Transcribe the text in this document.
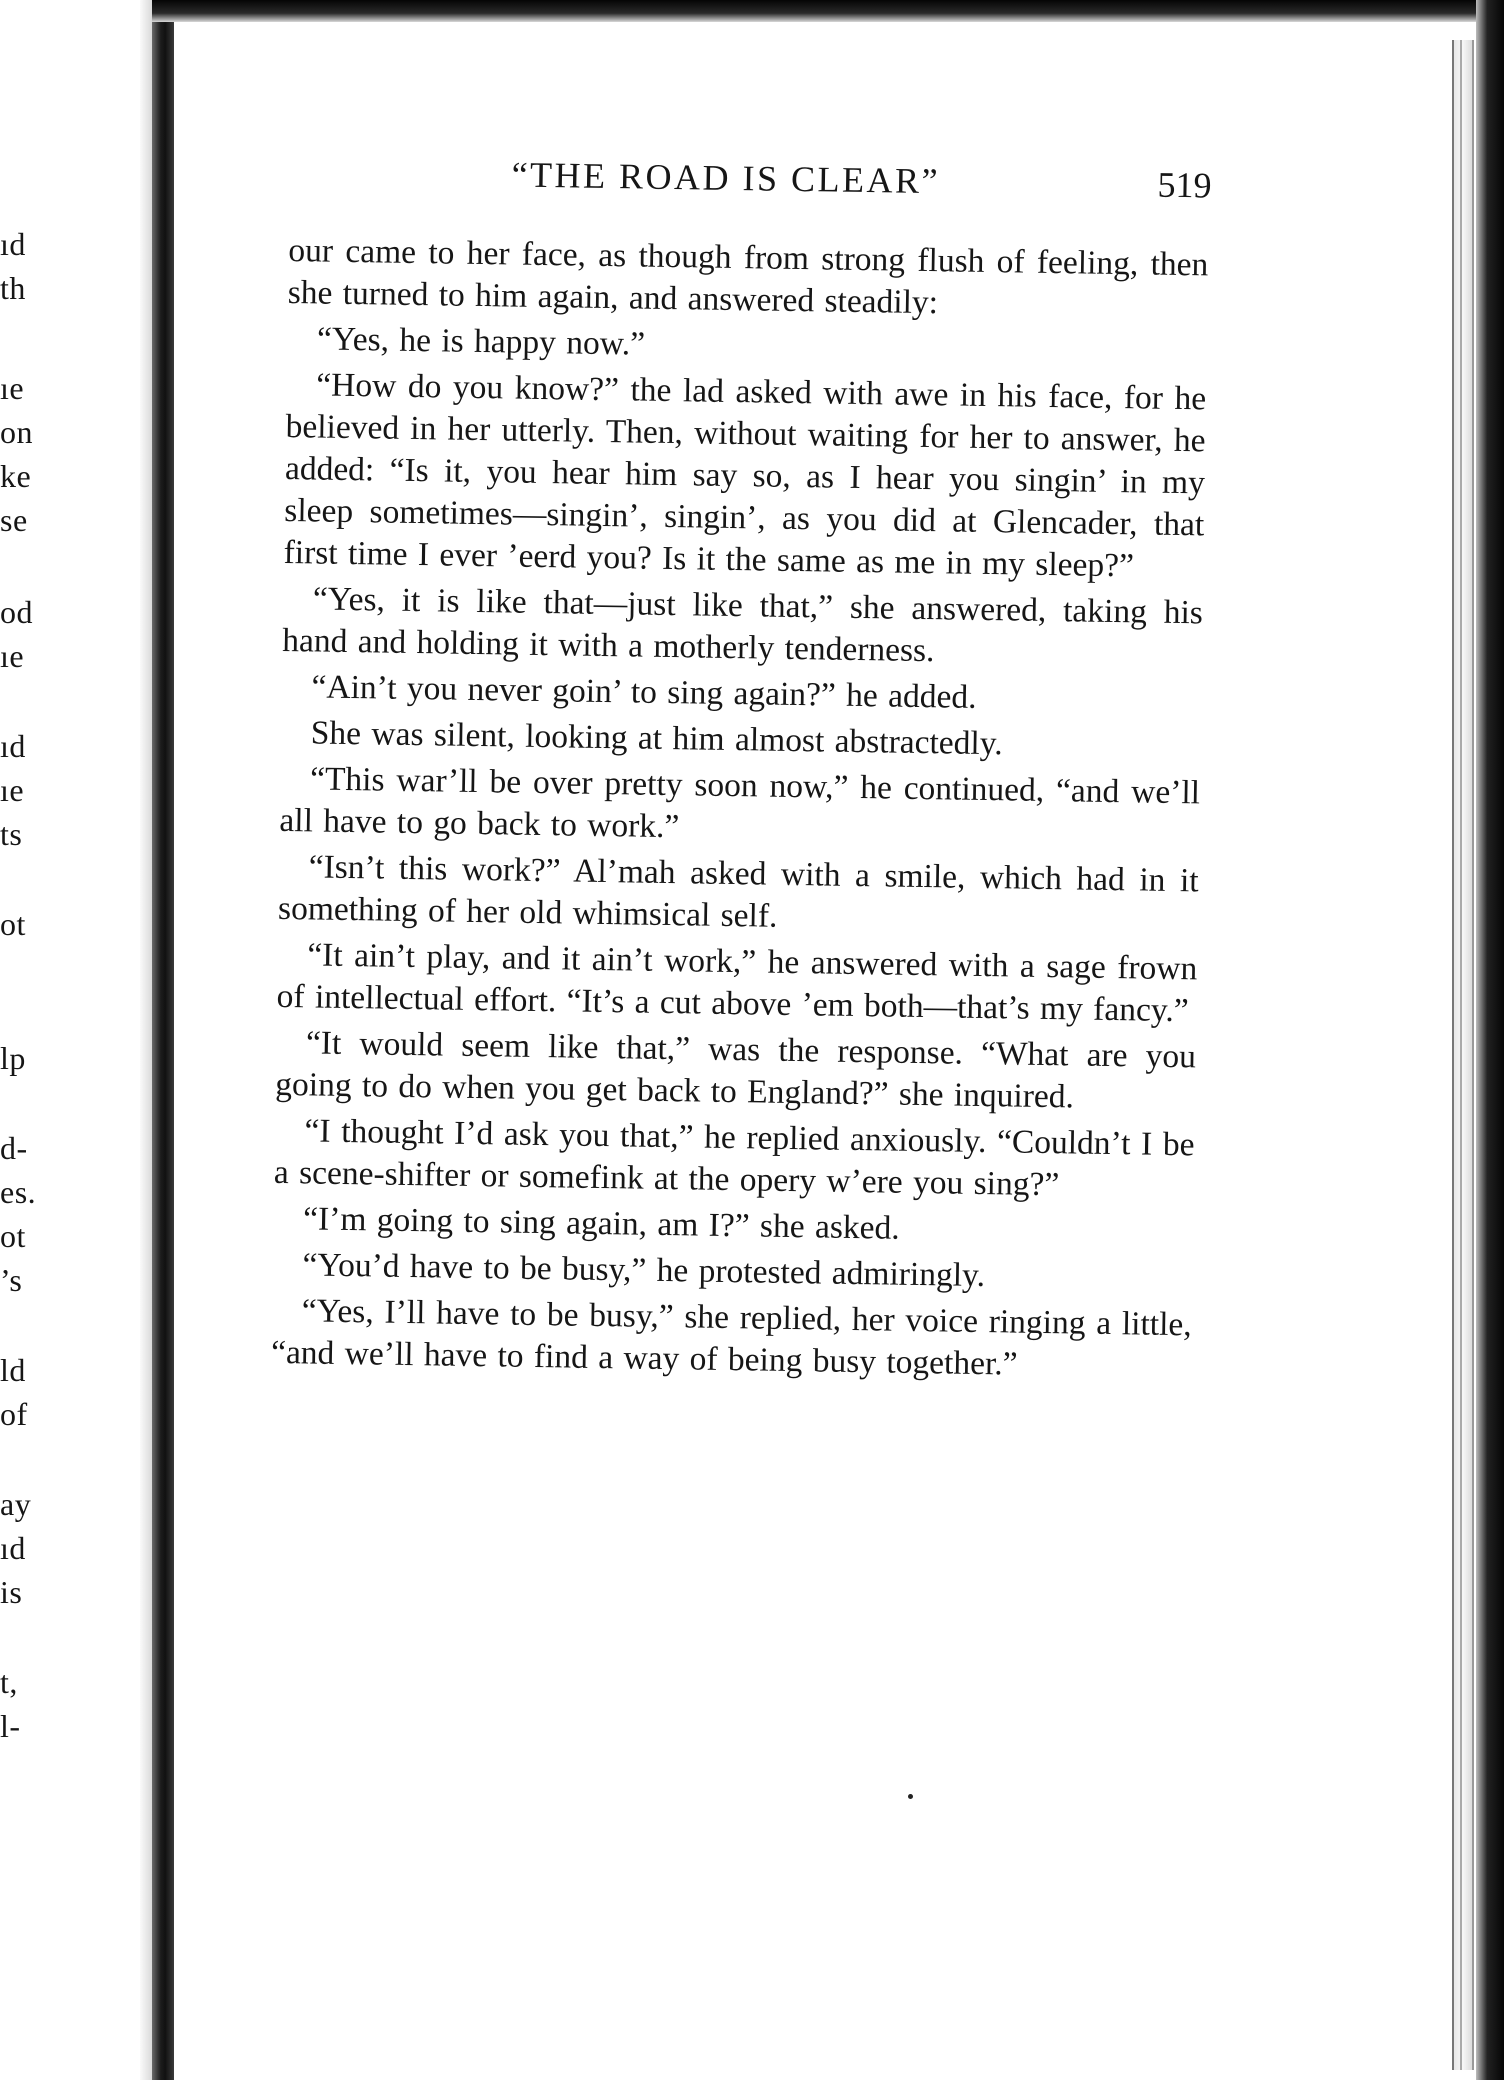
ıd
th
ıe
on
ke
se
od
ıe
ıd
ıe
ts
ot
lp
d-
es.
ot
’s
ld
of
ay
ıd
is
t,
l-
“THE ROAD IS CLEAR”	519

our came to her face, as though from strong flush of feeling, then she turned to him again, and answered steadily:

“Yes, he is happy now.”

“How do you know?” the lad asked with awe in his face, for he believed in her utterly. Then, without waiting for her to answer, he added: “Is it, you hear him say so, as I hear you singin’ in my sleep sometimes—singin’, singin’, as you did at Glencader, that first time I ever ’eerd you? Is it the same as me in my sleep?”

“Yes, it is like that—just like that,” she answered, taking his hand and holding it with a motherly tenderness.

“Ain’t you never goin’ to sing again?” he added.

She was silent, looking at him almost abstractedly.

“This war’ll be over pretty soon now,” he continued, “and we’ll all have to go back to work.”

“Isn’t this work?” Al’mah asked with a smile, which had in it something of her old whimsical self.

“It ain’t play, and it ain’t work,” he answered with a sage frown of intellectual effort. “It’s a cut above ’em both—that’s my fancy.”

“It would seem like that,” was the response. “What are you going to do when you get back to England?” she inquired.

“I thought I’d ask you that,” he replied anxiously. “Couldn’t I be a scene-shifter or somefink at the opery w’ere you sing?”

“I’m going to sing again, am I?” she asked.

“You’d have to be busy,” he protested admiringly.

“Yes, I’ll have to be busy,” she replied, her voice ringing a little, “and we’ll have to find a way of being busy together.”
